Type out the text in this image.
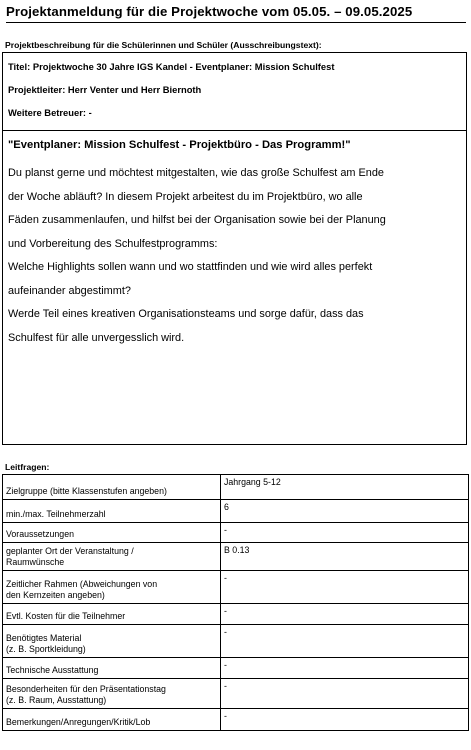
Projektanmeldung für die Projektwoche vom 05.05. – 09.05.2025
Projektbeschreibung für die Schülerinnen und Schüler (Ausschreibungstext):
Titel: Projektwoche 30 Jahre IGS Kandel - Eventplaner: Mission Schulfest
Projektleiter: Herr Venter und Herr Biernoth
Weitere Betreuer: -
"Eventplaner: Mission Schulfest - Projektbüro - Das Programm!"
Du planst gerne und möchtest mitgestalten, wie das große Schulfest am Ende
der Woche abläuft? In diesem Projekt arbeitest du im Projektbüro, wo alle
Fäden zusammenlaufen, und hilfst bei der Organisation sowie bei der Planung
und Vorbereitung des Schulfestprogramms:
Welche Highlights sollen wann und wo stattfinden und wie wird alles perfekt
aufeinander abgestimmt?
Werde Teil eines kreativen Organisationsteams und sorge dafür, dass das
Schulfest für alle unvergesslich wird.
Leitfragen:
Zielgruppe (bitte Klassenstufen angeben)	Jahrgang 5-12

min./max. Teilnehmerzahl	6

Voraussetzungen	-

geplanter Ort der Veranstaltung /
Raumwünsche	B 0.13

Zeitlicher Rahmen (Abweichungen von
den Kernzeiten angeben)	-

Evtl. Kosten für die Teilnehmer	-

Benötigtes Material
(z. B. Sportkleidung)	-

Technische Ausstattung	-

Besonderheiten für den Präsentationstag
(z. B. Raum, Ausstattung)	-

Bemerkungen/Anregungen/Kritik/Lob	-
